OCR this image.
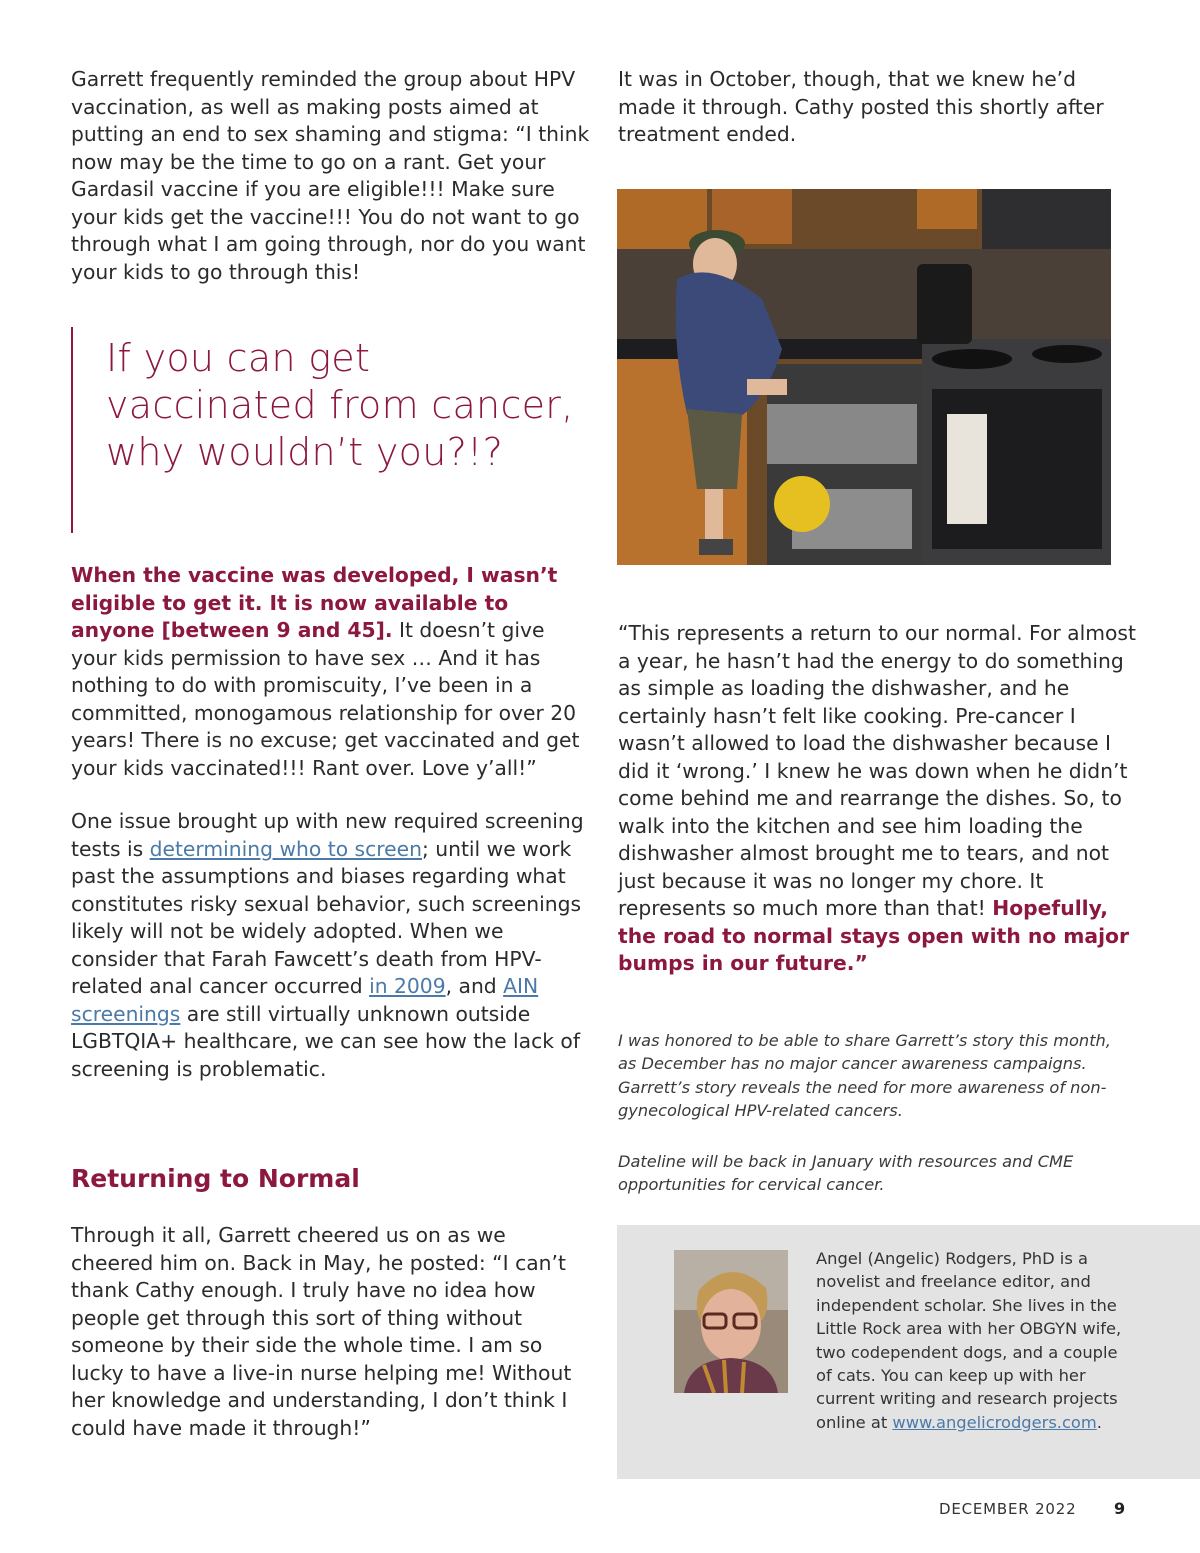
Garrett frequently reminded the group about HPV vaccination, as well as making posts aimed at putting an end to sex shaming and stigma: “I think now may be the time to go on a rant. Get your Gardasil vaccine if you are eligible!!! Make sure your kids get the vaccine!!! You do not want to go through what I am going through, nor do you want your kids to go through this!

If you can get vaccinated from cancer, why wouldn’t you?!?

When the vaccine was developed, I wasn’t eligible to get it. It is now available to anyone [between 9 and 45]. It doesn’t give your kids permission to have sex … And it has nothing to do with promiscuity, I’ve been in a committed, monogamous relationship for over 20 years! There is no excuse; get vaccinated and get your kids vaccinated!!! Rant over. Love y’all!”

One issue brought up with new required screening tests is determining who to screen; until we work past the assumptions and biases regarding what constitutes risky sexual behavior, such screenings likely will not be widely adopted. When we consider that Farah Fawcett’s death from HPV-related anal cancer occurred in 2009, and AIN screenings are still virtually unknown outside LGBTQIA+ healthcare, we can see how the lack of screening is problematic.

Returning to Normal

Through it all, Garrett cheered us on as we cheered him on. Back in May, he posted: “I can’t thank Cathy enough. I truly have no idea how people get through this sort of thing without someone by their side the whole time. I am so lucky to have a live-in nurse helping me! Without her knowledge and understanding, I don’t think I could have made it through!”

It was in October, though, that we knew he’d made it through. Cathy posted this shortly after treatment ended.

“This represents a return to our normal. For almost a year, he hasn’t had the energy to do something as simple as loading the dishwasher, and he certainly hasn’t felt like cooking. Pre-cancer I wasn’t allowed to load the dishwasher because I did it ‘wrong.’ I knew he was down when he didn’t come behind me and rearrange the dishes. So, to walk into the kitchen and see him loading the dishwasher almost brought me to tears, and not just because it was no longer my chore. It represents so much more than that! Hopefully, the road to normal stays open with no major bumps in our future.”

I was honored to be able to share Garrett’s story this month, as December has no major cancer awareness campaigns. Garrett’s story reveals the need for more awareness of non-gynecological HPV-related cancers.
Dateline will be back in January with resources and CME opportunities for cervical cancer.
Angel (Angelic) Rodgers, PhD is a novelist and freelance editor, and independent scholar. She lives in the Little Rock area with her OBGYN wife, two codependent dogs, and a couple of cats. You can keep up with her current writing and research projects online at www.angelicrodgers.com.
DECEMBER 2022 9
